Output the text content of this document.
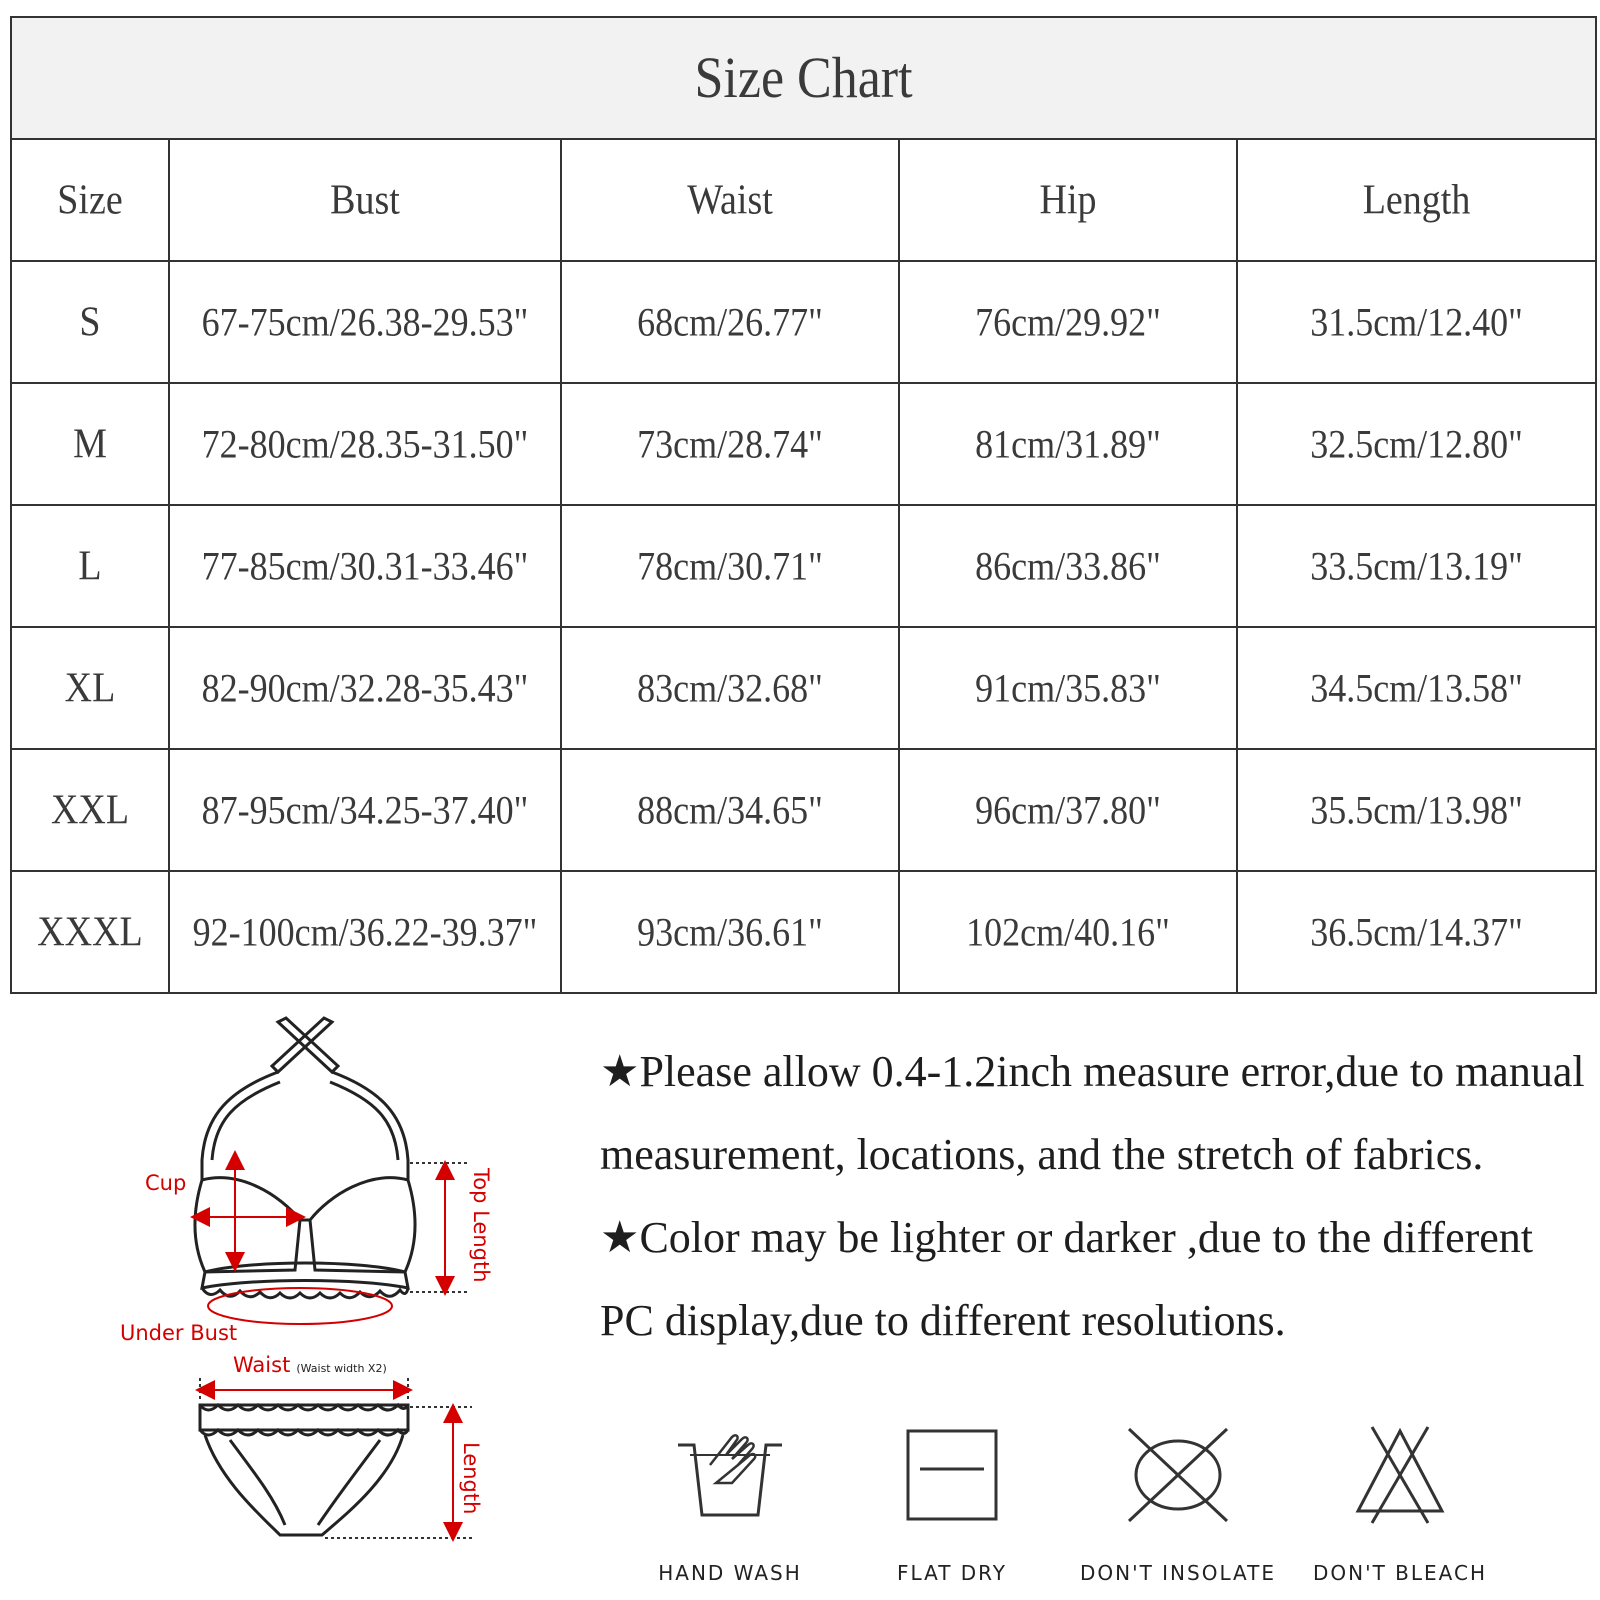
Size Chart				
Size	Bust	Waist	Hip	Length
S	67-75cm/26.38-29.53"	68cm/26.77"	76cm/29.92"	31.5cm/12.40"
M	72-80cm/28.35-31.50"	73cm/28.74"	81cm/31.89"	32.5cm/12.80"
L	77-85cm/30.31-33.46"	78cm/30.71"	86cm/33.86"	33.5cm/13.19"
XL	82-90cm/32.28-35.43"	83cm/32.68"	91cm/35.83"	34.5cm/13.58"
XXL	87-95cm/34.25-37.40"	88cm/34.65"	96cm/37.80"	35.5cm/13.98"
XXXL	92-100cm/36.22-39.37"	93cm/36.61"	102cm/40.16"	36.5cm/14.37"
Cup	Top Length
Under Bust
Waist (Waist width X2)
Length

★Please allow 0.4-1.2inch measure error,due to manual measurement, locations, and the stretch of fabrics.

★Color may be lighter or darker ,due to the different PC display,due to different resolutions.

HAND WASH	FLAT DRY	DON'T INSOLATE	DON'T BLEACH
